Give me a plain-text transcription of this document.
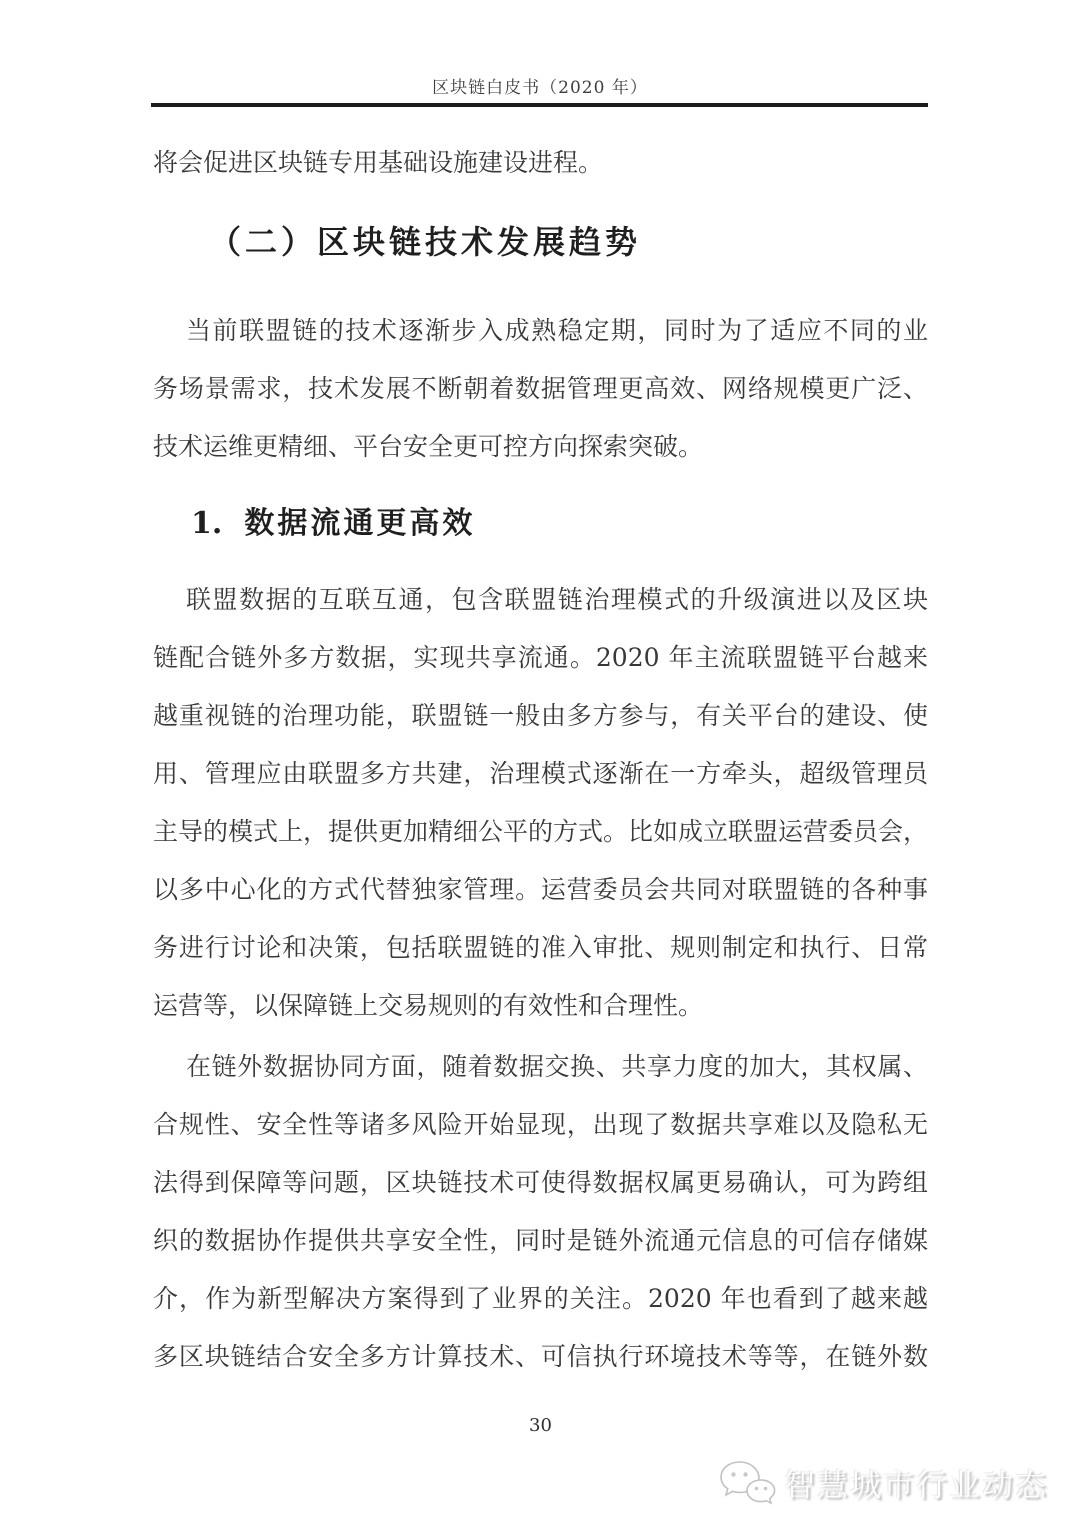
区块链白皮书（2020 年）
将会促进区块链专用基础设施建设进程。
（二）区块链技术发展趋势
当前联盟链的技术逐渐步入成熟稳定期，同时为了适应不同的业
务场景需求，技术发展不断朝着数据管理更高效、网络规模更广泛、
技术运维更精细、平台安全更可控方向探索突破。
1. 数据流通更高效
联盟数据的互联互通，包含联盟链治理模式的升级演进以及区块
链配合链外多方数据，实现共享流通。2020 年主流联盟链平台越来
越重视链的治理功能，联盟链一般由多方参与，有关平台的建设、使
用、管理应由联盟多方共建，治理模式逐渐在一方牵头，超级管理员
主导的模式上，提供更加精细公平的方式。比如成立联盟运营委员会，
以多中心化的方式代替独家管理。运营委员会共同对联盟链的各种事
务进行讨论和决策，包括联盟链的准入审批、规则制定和执行、日常
运营等，以保障链上交易规则的有效性和合理性。
在链外数据协同方面，随着数据交换、共享力度的加大，其权属、
合规性、安全性等诸多风险开始显现，出现了数据共享难以及隐私无
法得到保障等问题，区块链技术可使得数据权属更易确认，可为跨组
织的数据协作提供共享安全性，同时是链外流通元信息的可信存储媒
介，作为新型解决方案得到了业界的关注。2020 年也看到了越来越
多区块链结合安全多方计算技术、可信执行环境技术等等，在链外数
30
智慧城市行业动态
